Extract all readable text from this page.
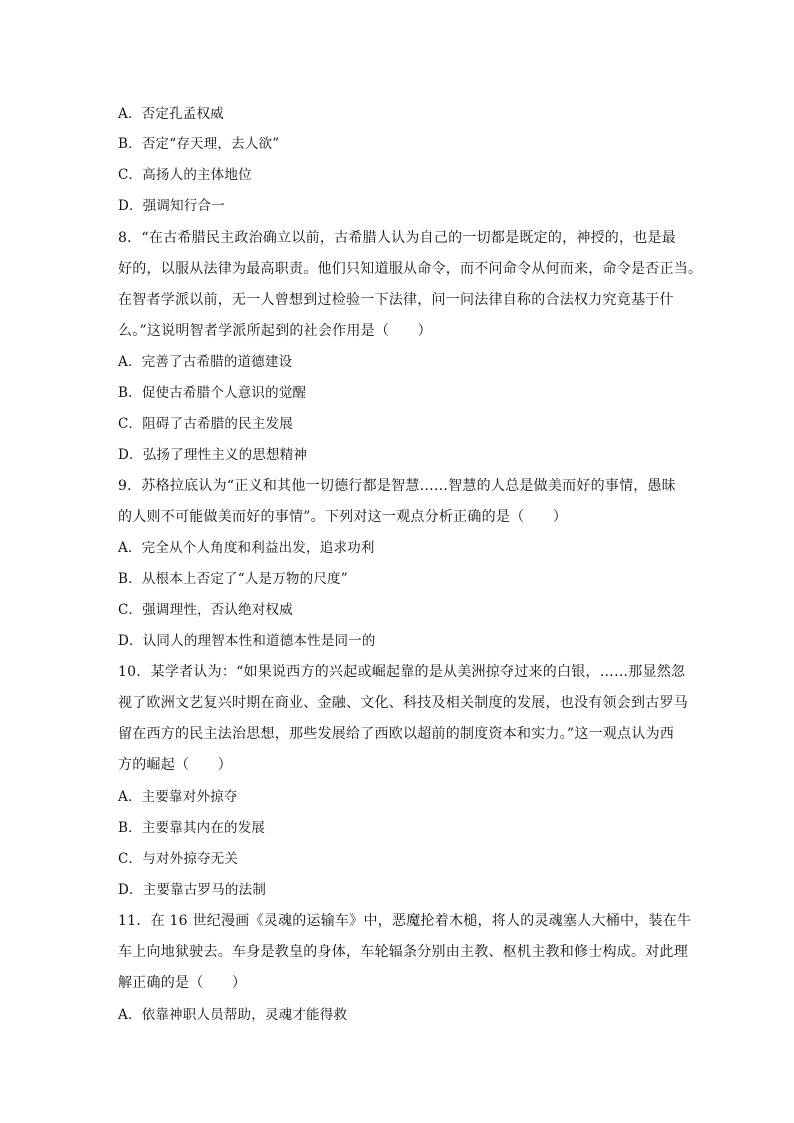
A．否定孔孟权威
B．否定“存天理，去人欲”
C．高扬人的主体地位
D．强调知行合一
8．“在古希腊民主政治确立以前，古希腊人认为自己的一切都是既定的，神授的，也是最
好的，以服从法律为最高职责。他们只知道服从命令，而不问命令从何而来，命令是否正当。
在智者学派以前，无一人曾想到过检验一下法律，问一问法律自称的合法权力究竟基于什
么。”这说明智者学派所起到的社会作用是（　　）
A．完善了古希腊的道德建设
B．促使古希腊个人意识的觉醒
C．阻碍了古希腊的民主发展
D．弘扬了理性主义的思想精神
9．苏格拉底认为“正义和其他一切德行都是智慧……智慧的人总是做美而好的事情，愚昧
的人则不可能做美而好的事情”。下列对这一观点分析正确的是（　　）
A．完全从个人角度和利益出发，追求功利
B．从根本上否定了“人是万物的尺度”
C．强调理性，否认绝对权威
D．认同人的理智本性和道德本性是同一的
10．某学者认为：“如果说西方的兴起或崛起靠的是从美洲掠夺过来的白银，……那显然忽
视了欧洲文艺复兴时期在商业、金融、文化、科技及相关制度的发展，也没有领会到古罗马
留在西方的民主法治思想，那些发展给了西欧以超前的制度资本和实力。”这一观点认为西
方的崛起（　　）
A．主要靠对外掠夺
B．主要靠其内在的发展
C．与对外掠夺无关
D．主要靠古罗马的法制
11．在 16 世纪漫画《灵魂的运输车》中，恶魔抡着木槌，将人的灵魂塞人大桶中，装在牛
车上向地狱驶去。车身是教皇的身体，车轮辐条分别由主教、枢机主教和修士构成。对此理
解正确的是（　　）
A．依靠神职人员帮助，灵魂才能得救
